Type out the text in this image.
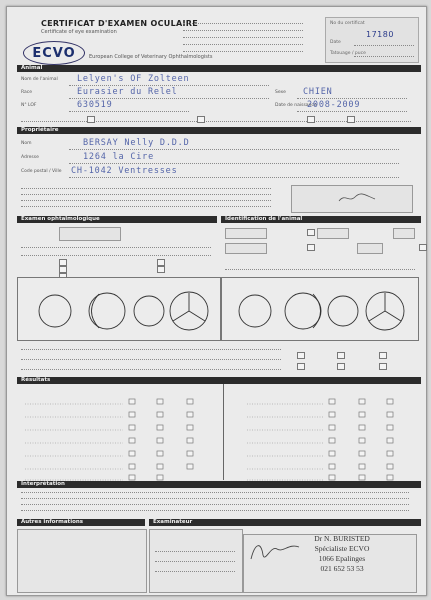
CERTIFICAT D'EXAMEN OCULAIRE
Certificate of eye examination
ECVO	European College of Veterinary Ophthalmologists
No du certificat
17180
Date
Tatouage / puce
Animal
Nom de l'animal Lelyen's OF Zolteen
Race	Eurasier du Relel
N° LOF	630519
Sexe CHIEN
Date de naissance
2008-2009
Propriétaire
Nom	BERSAY Nelly D.D.D
Adresse	1264 la Cire
Code postal / Ville CH-1042 Ventresses
Examen ophtalmologique	Identification de l'animal
Résultats
Interprétation
Autres informations	Examinateur
Dr N. BURISTED
Spécialiste ECVO
1066 Epalinges
021 652 53 53
